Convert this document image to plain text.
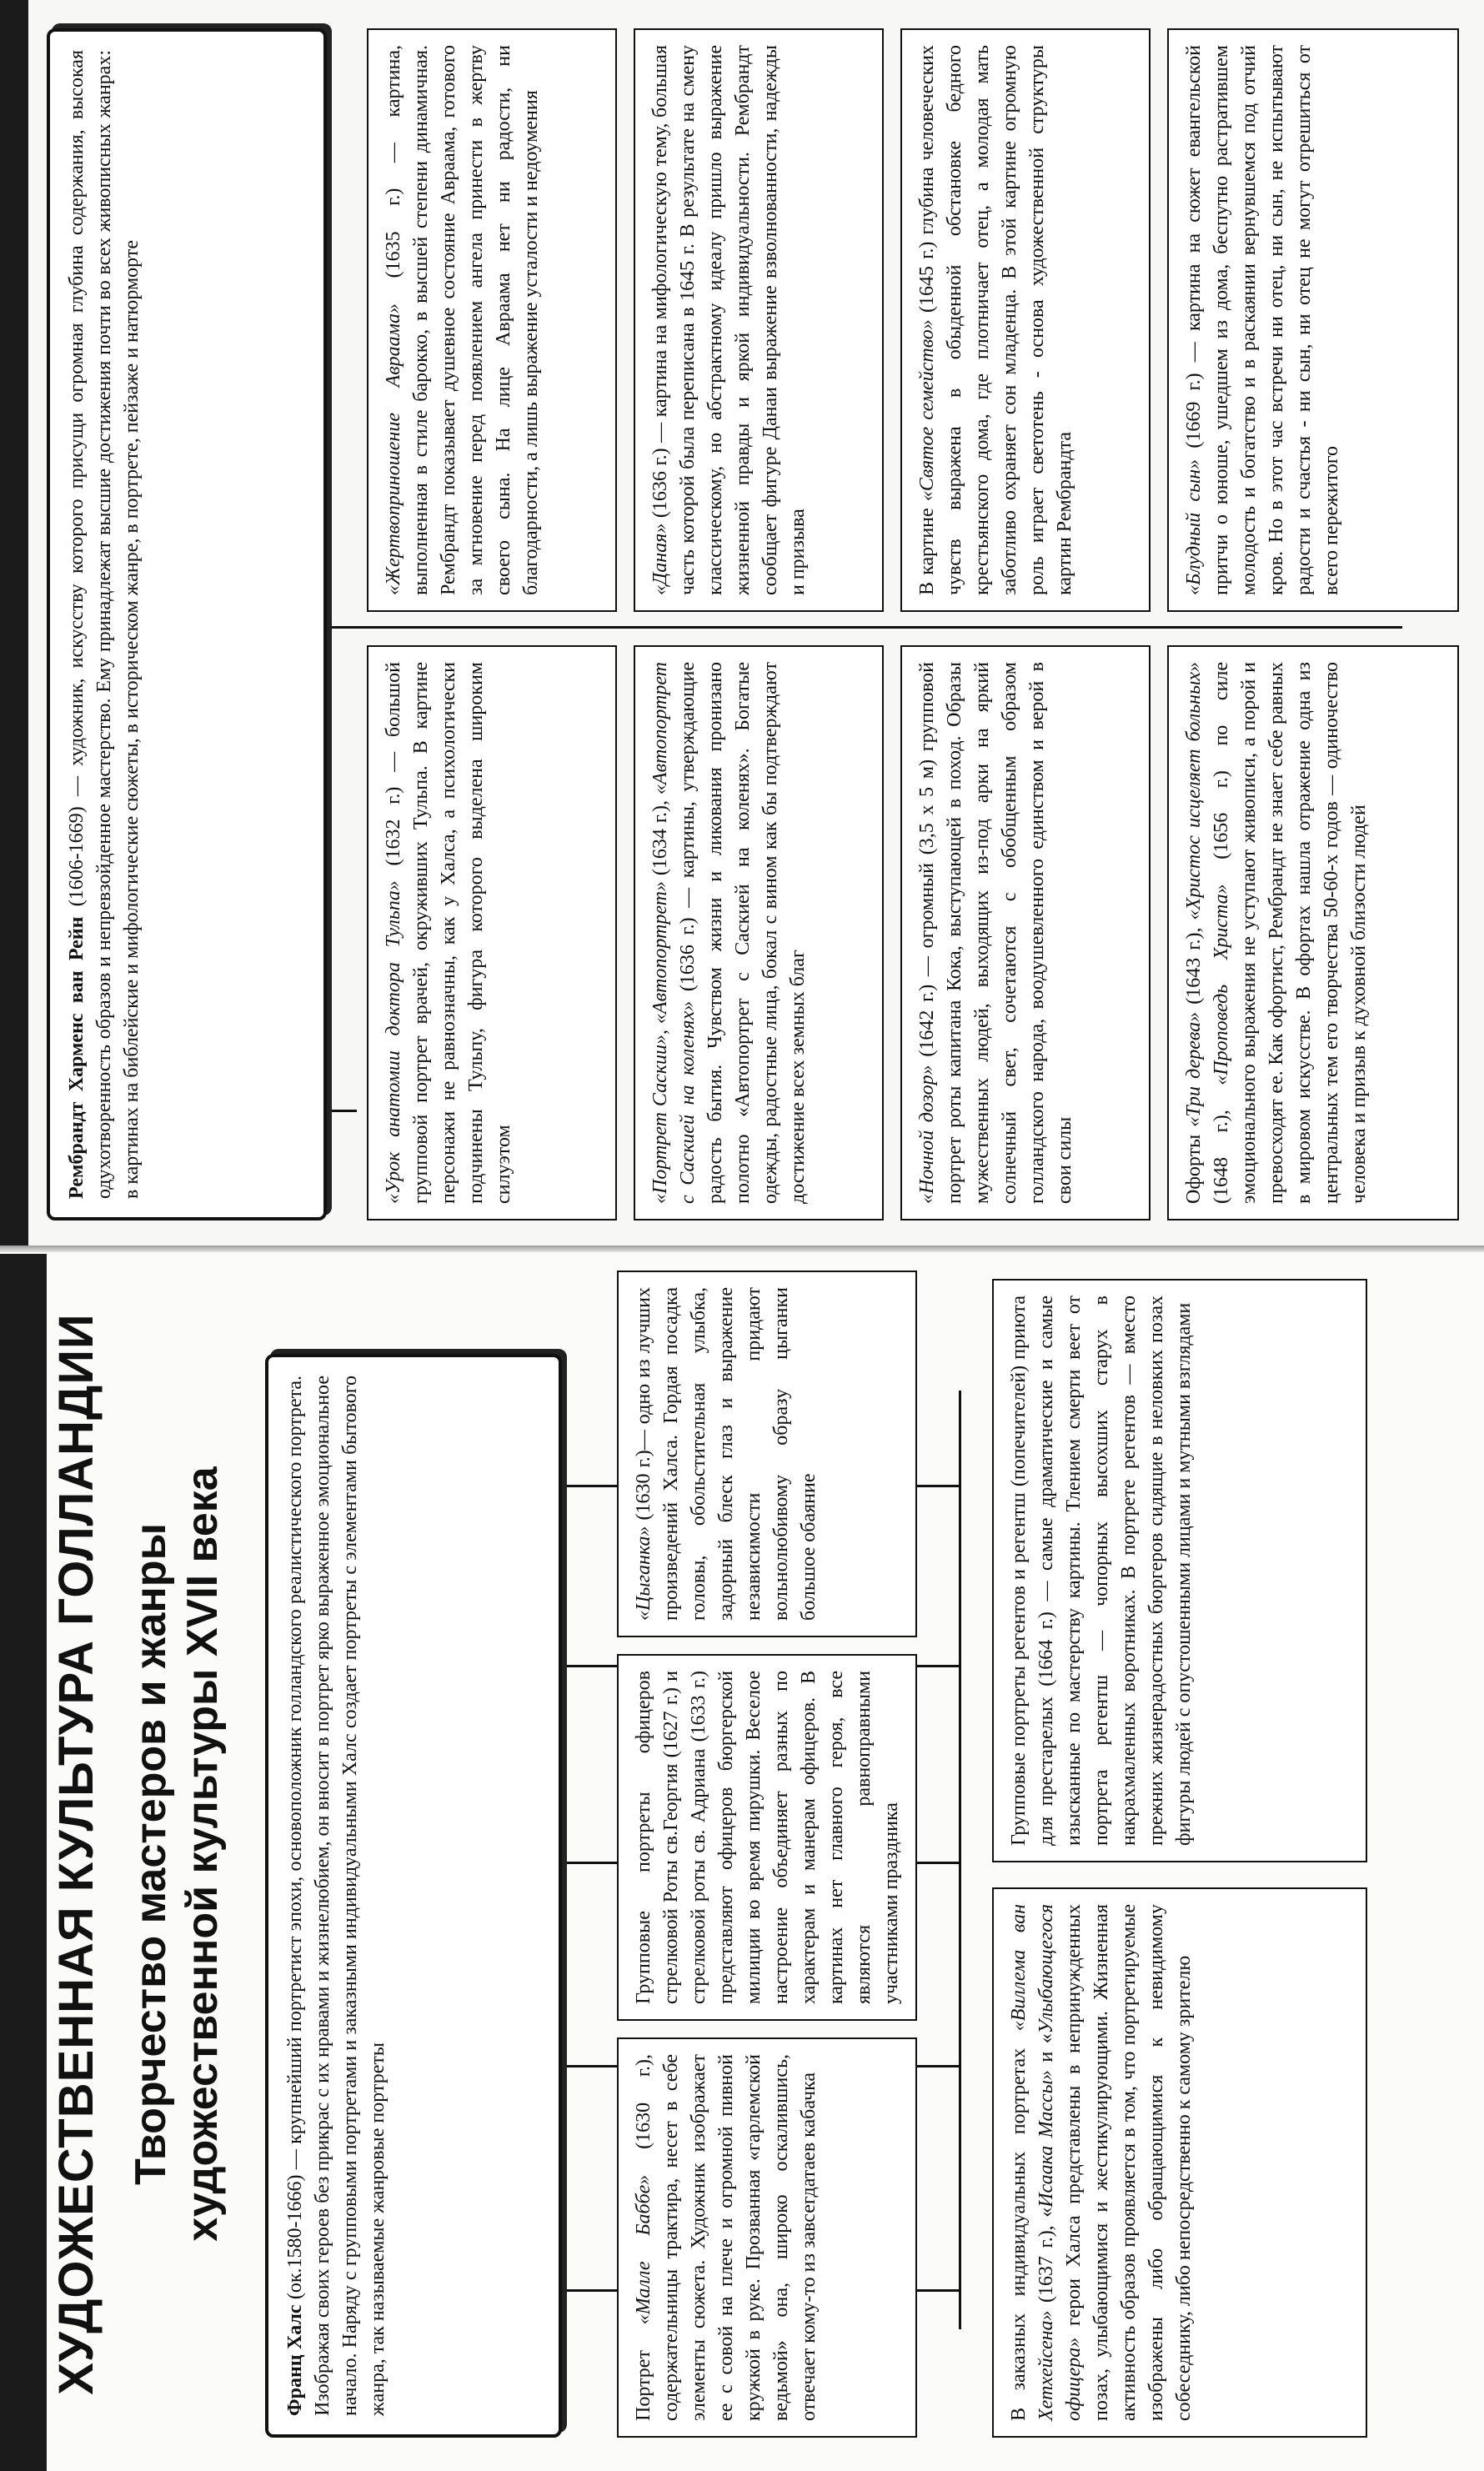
ХУДОЖЕСТВЕННАЯ КУЛЬТУРА ГОЛЛАНДИИ Творчество мастеров и жанры художественной культуры XVII века
Франц Халс (ок.1580-1666) — крупнейший портретист эпохи, основоположник голландского реалистического портрета. Изображая своих героев без прикрас с их нравами и жизнелюбием, он вносит в портрет ярко выраженное эмоциональное начало. Наряду с групповыми портретами и заказными индивидуальными Халс создает портреты с элементами бытового жанра, так называемые жанровые портреты
Групповые портреты офицеров стрелковой Роты св.Георгия (1627 г.) и стрелковой роты св. Адриана (1633 г.) представляют офицеров бюргерской милиции во время пирушки. Веселое настроение объединяет разных по характерам и манерам офицеров. В картинах нет главного героя, все являются равноправными участниками праздника
«Цыганка» (1630 г.)— одно из лучших произведений Халса. Гордая посадка головы, обольстительная улыбка, задорный блеск глаз и выражение независимости придают вольнолюбивому образу цыганки большое обаяние
Портрет «Малле Баббе» (1630 г.), содержательницы трактира, несет в себе элементы сюжета. Художник изображает ее с совой на плече и огромной пивной кружкой в руке. Прозванная «гарлемской ведьмой» она, широко оскалившись, отвечает кому-то из завсегдатаев кабачка	В заказных индивидуальных портретах «Виллема ван Хетхейсена» (1637 г.), «Исаака Массы» и «Улыбающегося офицера» герои Халса представлены в непринужденных позах, улыбающимися и жестикулирующими. Жизненная активность образов проявляется в том, что портретируемые изображены либо обращающимися к невидимому собеседнику, либо непосредственно к самому зрителю
Групповые портреты регентов и регентш (попечителей) приюта для престарелых (1664 г.) — самые драматические и самые изысканные по мастерству картины. Тлением смерти веет от портрета регентш — чопорных высохших старух в накрахмаленных воротниках. В портрете регентов — вместо прежних жизнерадостных бюргеров сидящие в неловких позах фигуры людей с опустошенными лицами и мутными взглядами
Рембрандт Харменс ван Рейн (1606-1669) — художник, искусству которого присущи огромная глубина содержания, высокая одухотворенность образов и непревзойденное мастерство. Ему принадлежат высшие достижения почти во всех живописных жанрах: в картинах на библейские и мифологические сюжеты, в историческом жанре, в портрете, пейзаже и натюрморте	«Урок анатомии доктора Тульпа» (1632 г.) — большой групповой портрет врачей, окруживших Тульпа. В картине персонажи не равнозначны, как у Халса, а психологически подчинены Тульпу, фигура которого выделена широким силуэтом	«Портрет Саскии», «Автопортрет» (1634 г.), «Автопортрет с Саскией на коленях» (1636 г.) — картины, утверждающие радость бытия. Чувством жизни и ликования пронизано полотно «Автопортрет с Саскией на коленях». Богатые одежды, радостные лица, бокал с вином как бы подтверждают достижение всех земных благ	«Ночной дозор» (1642 г.) — огромный (3,5 х 5 м) групповой портрет роты капитана Кока, выступающей в поход. Образы мужественных людей, выходящих из-под арки на яркий солнечный свет, сочетаются с обобщенным образом голландского народа, воодушевленного единством и верой в свои силы	Офорты «Три дерева» (1643 г.), «Христос исцеляет больных» (1648 г.), «Проповедь Христа» (1656 г.) по силе эмоционального выражения не уступают живописи, а порой и превосходят ее. Как офортист, Рембрандт не знает себе равных в мировом искусстве. В офортах нашла отражение одна из центральных тем его творчества 50-60-х годов — одиночество человека и призыв к духовной близости людей
«Жертвоприношение Авраама» (1635 г.) — картина, выполненная в стиле барокко, в высшей степени динамичная. Рембрандт показывает душевное состояние Авраама, готового за мгновение перед появлением ангела принести в жертву своего сына. На лице Авраама нет ни радости, ни благодарности, а лишь выражение усталости и недоумения	«Даная» (1636 г.) — картина на мифологическую тему, большая часть которой была переписана в 1645 г. В результате на смену классическому, но абстрактному идеалу пришло выражение жизненной правды и яркой индивидуальности. Рембрандт сообщает фигуре Данаи выражение взволнованности, надежды и призыва	В картине «Святое семейство» (1645 г.) глубина человеческих чувств выражена в обыденной обстановке бедного крестьянского дома, где плотничает отец, а молодая мать заботливо охраняет сон младенца. В этой картине огромную роль играет светотень - основа художественной структуры картин Рембрандта	«Блудный сын» (1669 г.) — картина на сюжет евангельской притчи о юноше, ушедшем из дома, беспутно растратившем молодость и богатство и в раскаянии вернувшемся под отчий кров. Но в этот час встречи ни отец, ни сын, не испытывают радости и счастья - ни сын, ни отец не могут отрешиться от всего пережитого
